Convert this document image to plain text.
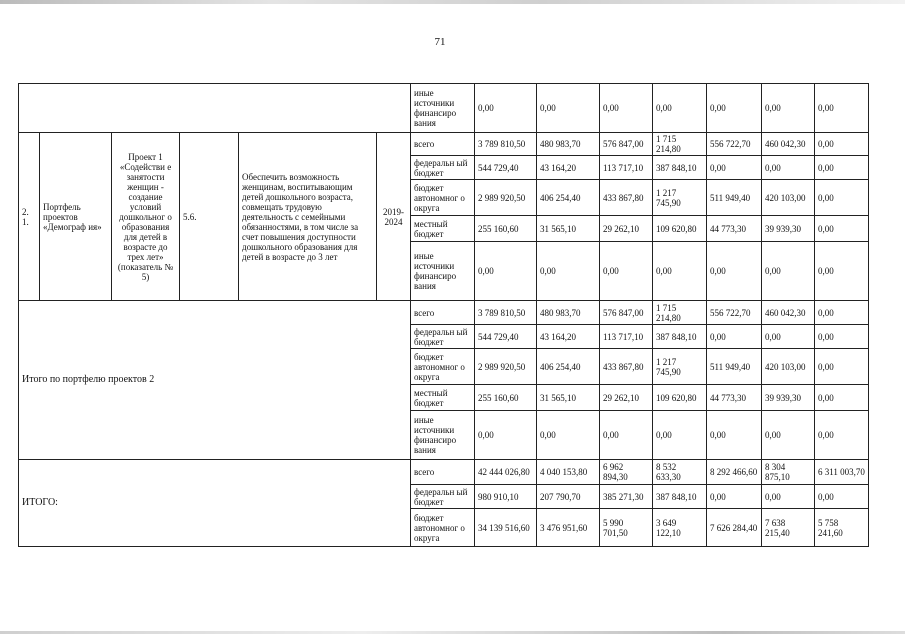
71
						иные источники финансиро вания	0,00	0,00	0,00	0,00	0,00	0,00	0,00
2. 1.	Портфель проектов «Демограф ия»	Проект 1 «Содействи е занятости женщин - создание условий дошкольног о образования для детей в возрасте до трех лет» (показатель № 5)	5.6.	Обеспечить возможность женщинам, воспитывающим детей дошкольного возраста, совмещать трудовую деятельность с семейными обязанностями, в том числе за счет повышения доступности дошкольного образования для детей в возрасте до 3 лет	2019-2024	всего	3 789 810,50	480 983,70	576 847,00	1 715 214,80	556 722,70	460 042,30	0,00
						федеральн ый бюджет	544 729,40	43 164,20	113 717,10	387 848,10	0,00	0,00	0,00
						бюджет автономног о округа	2 989 920,50	406 254,40	433 867,80	1 217 745,90	511 949,40	420 103,00	0,00
						местный бюджет	255 160,60	31 565,10	29 262,10	109 620,80	44 773,30	39 939,30	0,00
						иные источники финансиро вания	0,00	0,00	0,00	0,00	0,00	0,00	0,00
Итого по портфелю проектов 2						всего	3 789 810,50	480 983,70	576 847,00	1 715 214,80	556 722,70	460 042,30	0,00
						федеральн ый бюджет	544 729,40	43 164,20	113 717,10	387 848,10	0,00	0,00	0,00
						бюджет автономног о округа	2 989 920,50	406 254,40	433 867,80	1 217 745,90	511 949,40	420 103,00	0,00
						местный бюджет	255 160,60	31 565,10	29 262,10	109 620,80	44 773,30	39 939,30	0,00
						иные источники финансиро вания	0,00	0,00	0,00	0,00	0,00	0,00	0,00
ИТОГО:						всего	42 444 026,80	4 040 153,80	6 962 894,30	8 532 633,30	8 292 466,60	8 304 875,10	6 311 003,70
						федеральн ый бюджет	980 910,10	207 790,70	385 271,30	387 848,10	0,00	0,00	0,00
						бюджет автономног о округа	34 139 516,60	3 476 951,60	5 990 701,50	3 649 122,10	7 626 284,40	7 638 215,40	5 758 241,60
